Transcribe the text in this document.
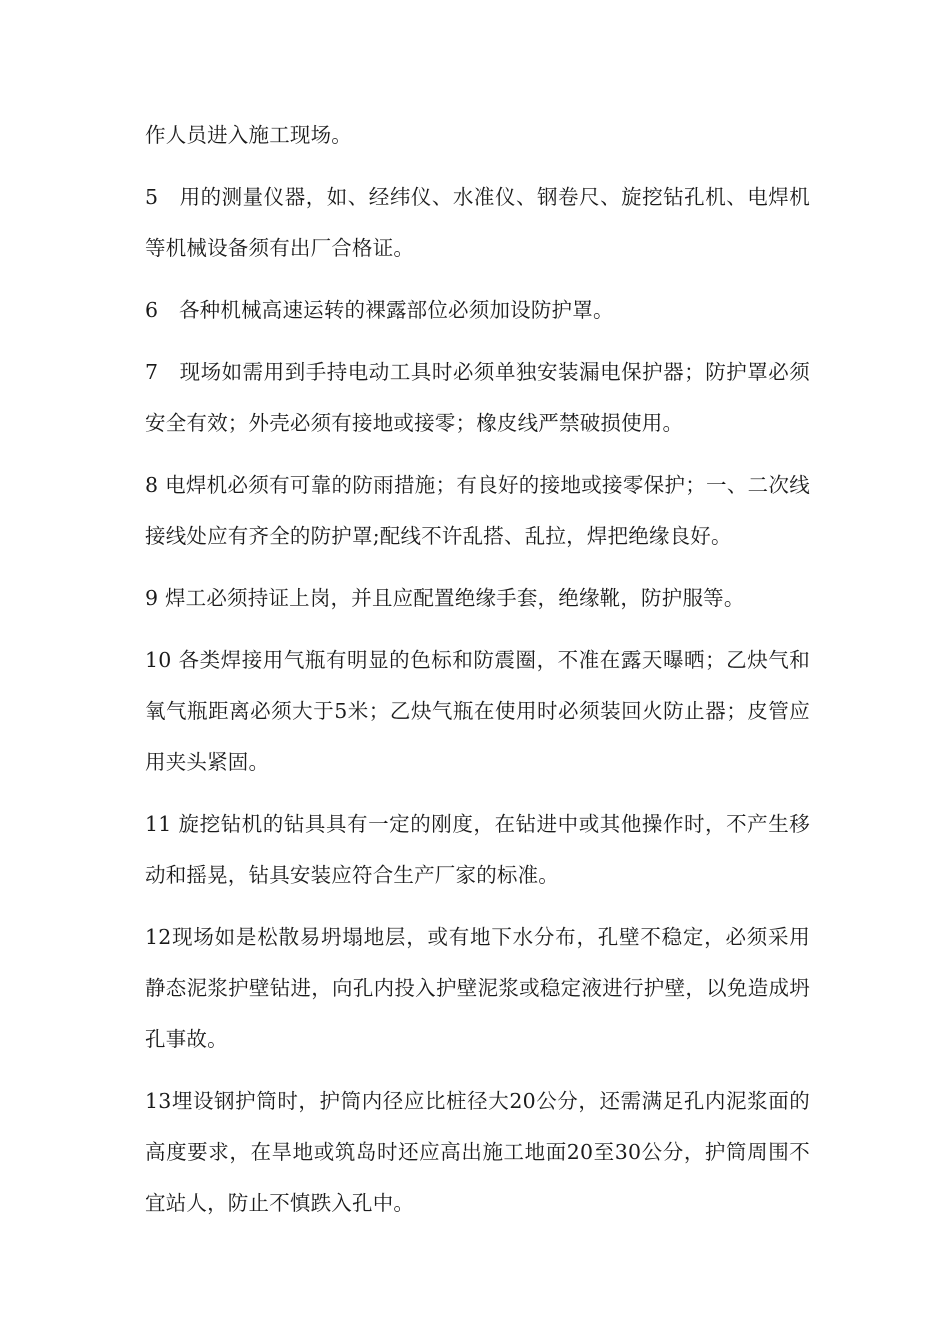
作人员进入施工现场。

5　用的测量仪器，如、经纬仪、水准仪、钢卷尺、旋挖钻孔机、电焊机等机械设备须有出厂合格证。

6　各种机械高速运转的裸露部位必须加设防护罩。

7　现场如需用到手持电动工具时必须单独安装漏电保护器；防护罩必须安全有效；外壳必须有接地或接零；橡皮线严禁破损使用。

8 电焊机必须有可靠的防雨措施；有良好的接地或接零保护；一、二次线接线处应有齐全的防护罩;配线不许乱搭、乱拉，焊把绝缘良好。

9 焊工必须持证上岗，并且应配置绝缘手套，绝缘靴，防护服等。

10 各类焊接用气瓶有明显的色标和防震圈，不准在露天曝晒；乙炔气和氧气瓶距离必须大于5米；乙炔气瓶在使用时必须装回火防止器；皮管应用夹头紧固。

11 旋挖钻机的钻具具有一定的刚度，在钻进中或其他操作时，不产生移动和摇晃，钻具安装应符合生产厂家的标准。

12现场如是松散易坍塌地层，或有地下水分布，孔壁不稳定，必须采用静态泥浆护壁钻进，向孔内投入护壁泥浆或稳定液进行护壁，以免造成坍孔事故。

13埋设钢护筒时，护筒内径应比桩径大20公分，还需满足孔内泥浆面的高度要求，在旱地或筑岛时还应高出施工地面20至30公分，护筒周围不宜站人，防止不慎跌入孔中。
